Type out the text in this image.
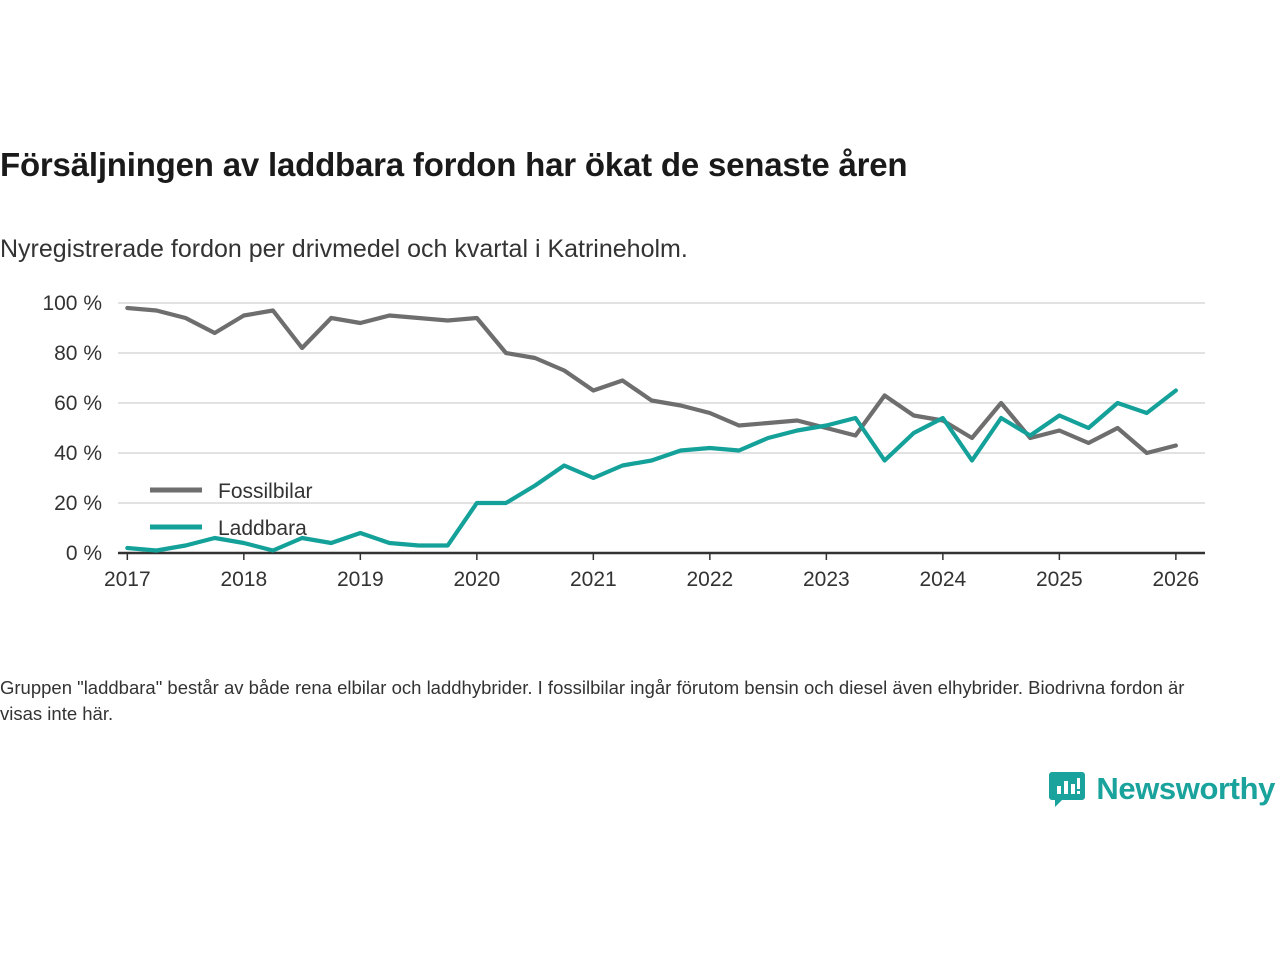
Försäljningen av laddbara fordon har ökat de senaste åren
Nyregistrerade fordon per drivmedel och kvartal i Katrineholm.
0 %
20 %
40 %
60 %
80 %
100 %
2017	2018	2019	2020	2021	2022	2023	2024	2025	2026
Fossilbilar
Laddbara
Gruppen "laddbara" består av både rena elbilar och laddhybrider. I fossilbilar ingår förutom bensin och diesel även elhybrider. Biodrivna fordon är visas inte här.
Newsworthy
